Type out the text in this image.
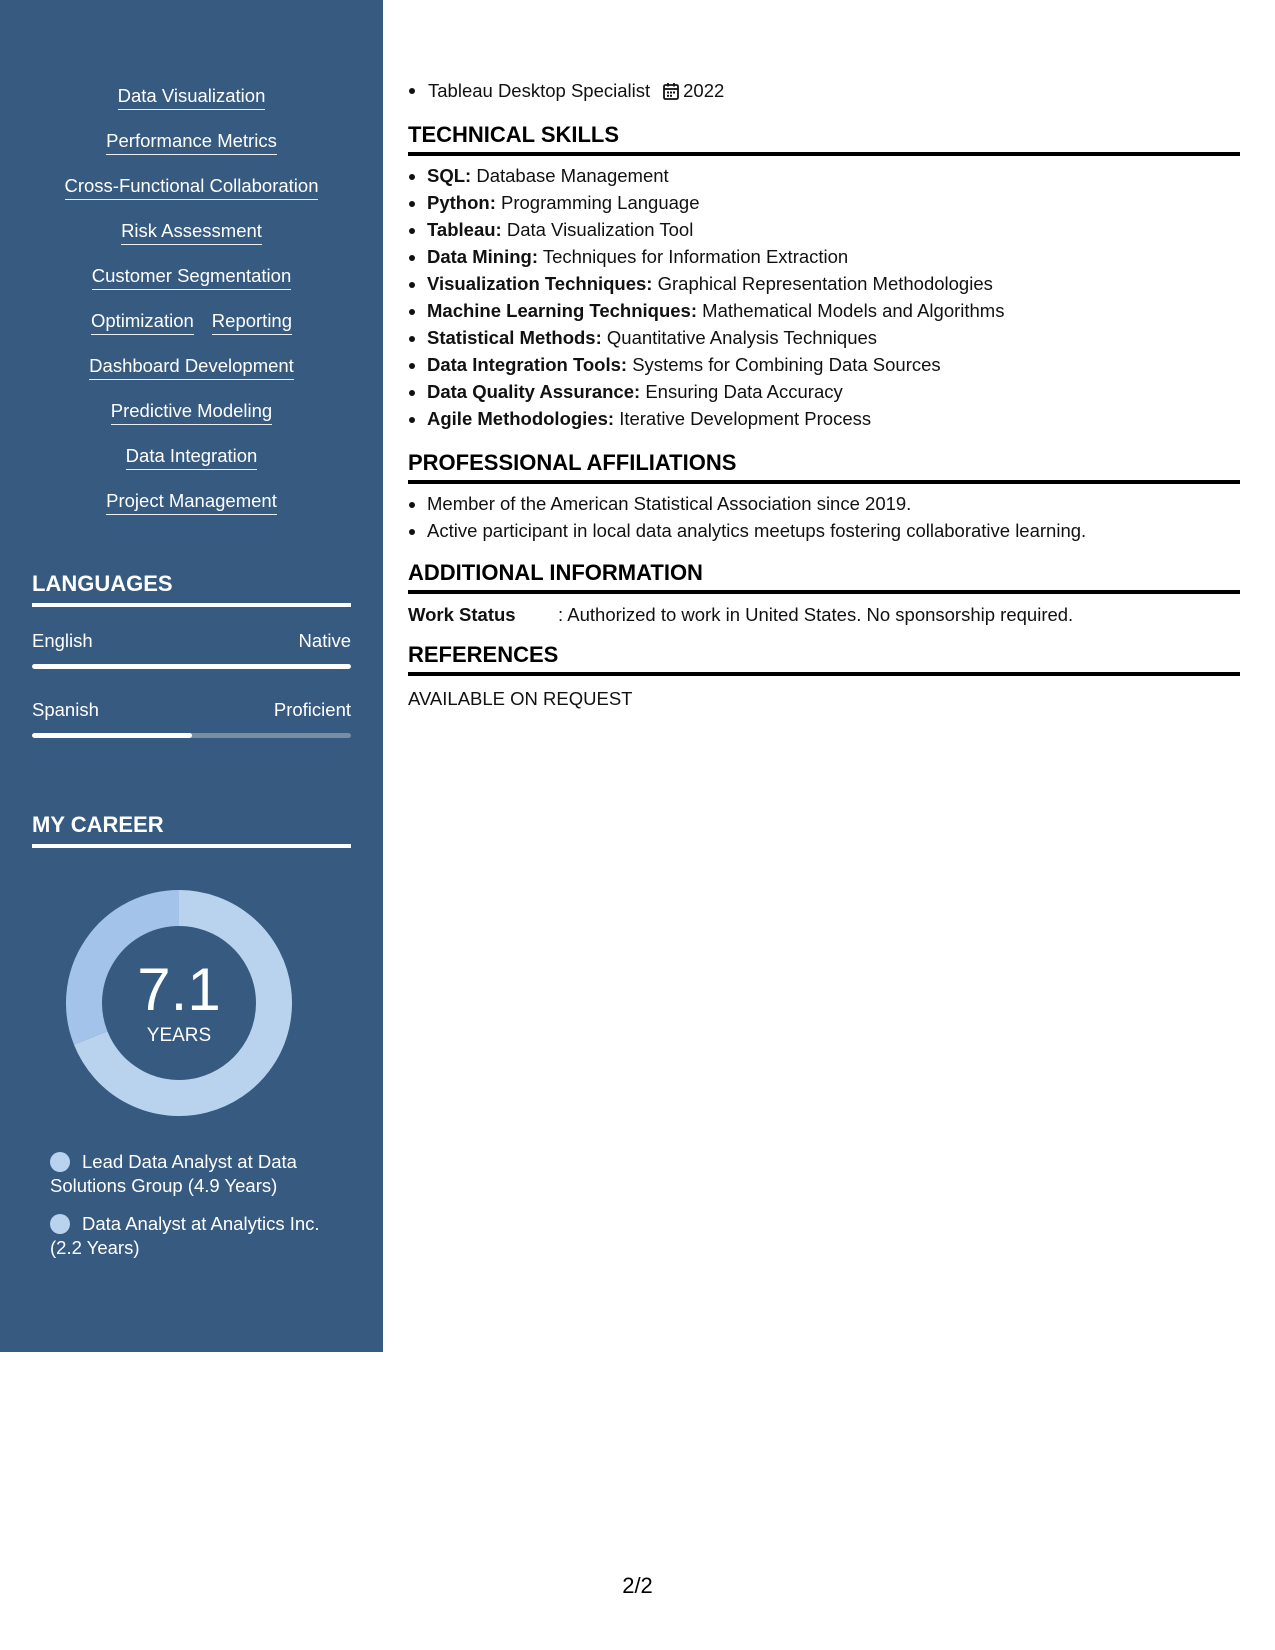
Data Visualization
Performance Metrics
Cross-Functional Collaboration
Risk Assessment
Customer Segmentation
Optimization Reporting
Dashboard Development
Predictive Modeling
Data Integration
Project Management
LANGUAGES
English	Native
Spanish	Proficient
MY CAREER
7.1
YEARS
Lead Data Analyst at Data Solutions Group (4.9 Years)
Data Analyst at Analytics Inc. (2.2 Years)
Tableau Desktop Specialist 2022
TECHNICAL SKILLS
• SQL: Database Management
• Python: Programming Language
• Tableau: Data Visualization Tool
• Data Mining: Techniques for Information Extraction
• Visualization Techniques: Graphical Representation Methodologies
• Machine Learning Techniques: Mathematical Models and Algorithms
• Statistical Methods: Quantitative Analysis Techniques
• Data Integration Tools: Systems for Combining Data Sources
• Data Quality Assurance: Ensuring Data Accuracy
• Agile Methodologies: Iterative Development Process
PROFESSIONAL AFFILIATIONS
• Member of the American Statistical Association since 2019.
• Active participant in local data analytics meetups fostering collaborative learning.
ADDITIONAL INFORMATION
Work Status	: Authorized to work in United States. No sponsorship required.
REFERENCES
AVAILABLE ON REQUEST
2/2
